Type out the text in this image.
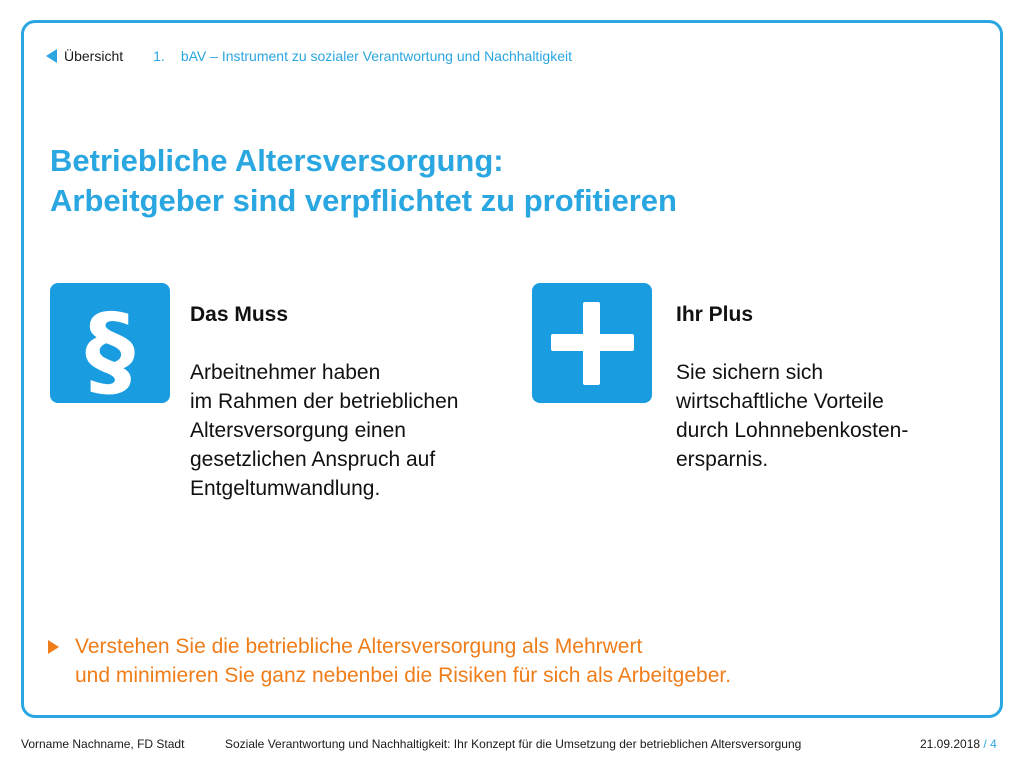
Übersicht 1. bAV – Instrument zu sozialer Verantwortung und Nachhaltigkeit
Betriebliche Altersversorgung:
Arbeitgeber sind verpflichtet zu profitieren
§	Das Muss
Arbeitnehmer haben
im Rahmen der betrieblichen
Altersversorgung einen
gesetzlichen Anspruch auf
Entgeltumwandlung.
Ihr Plus
Sie sichern sich
wirtschaftliche Vorteile
durch Lohnnebenkosten-
ersparnis.
Verstehen Sie die betriebliche Altersversorgung als Mehrwert
und minimieren Sie ganz nebenbei die Risiken für sich als Arbeitgeber.
Vorname Nachname, FD Stadt	Soziale Verantwortung und Nachhaltigkeit: Ihr Konzept für die Umsetzung der betrieblichen Altersversorgung	21.09.2018 / 4
